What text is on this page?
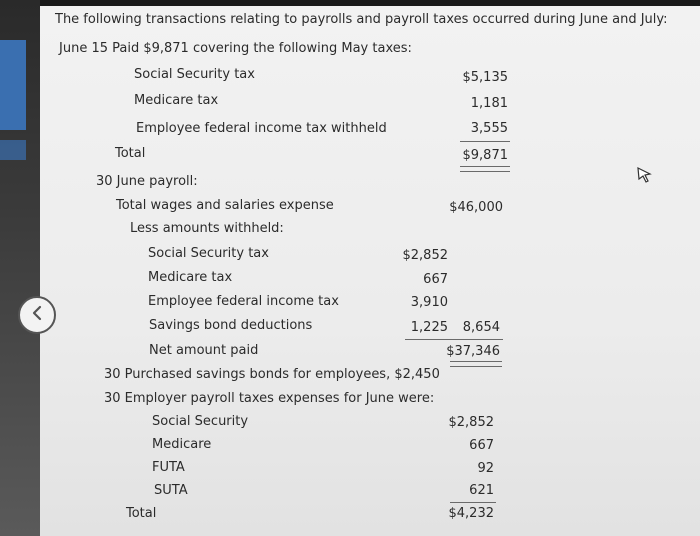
The following transactions relating to payrolls and payroll taxes occurred during June and July:
June 15 Paid $9,871 covering the following May taxes:
Social Security tax	$5,135
Medicare tax	1,181
Employee federal income tax withheld	3,555
Total	$9,871
30 June payroll:
Total wages and salaries expense	$46,000
Less amounts withheld:
Social Security tax	$2,852
Medicare tax	667
Employee federal income tax	3,910
Savings bond deductions	1,225	8,654
Net amount paid	$37,346
30 Purchased savings bonds for employees, $2,450
30 Employer payroll taxes expenses for June were:
Social Security	$2,852
Medicare	667
FUTA	92
SUTA	621
Total	$4,232
